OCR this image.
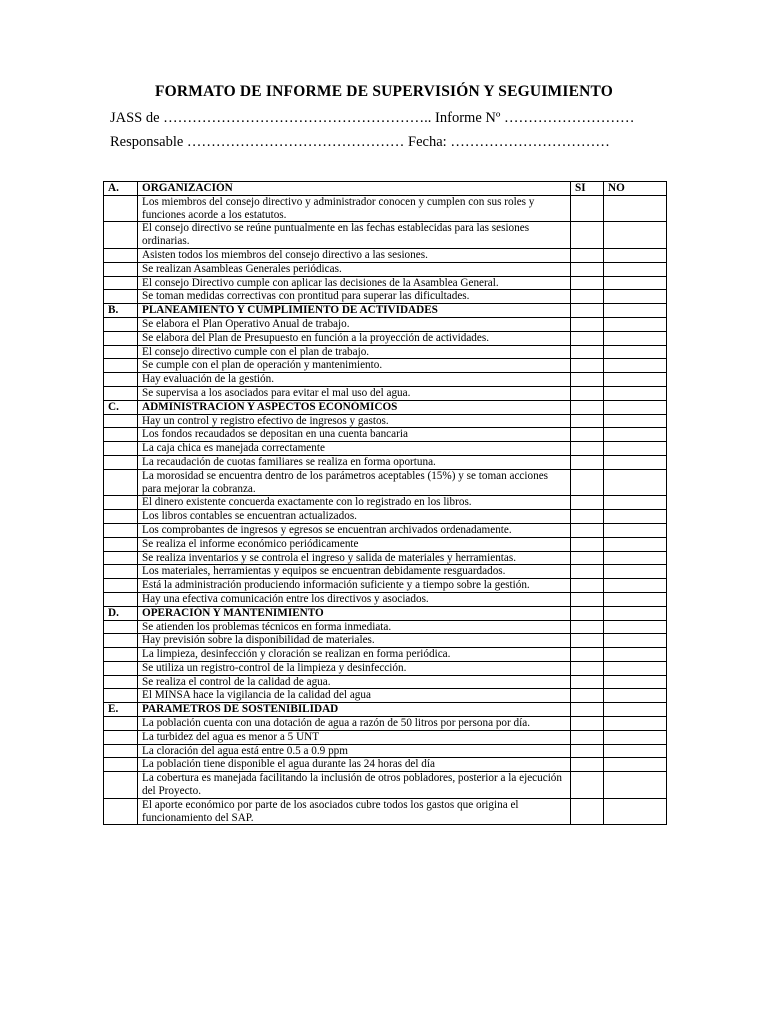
FORMATO DE INFORME DE SUPERVISIÓN Y SEGUIMIENTO
JASS de ……………………………………………….. Informe Nº ………………………
Responsable ……………………………………… Fecha: ……………………………
A.	ORGANIZACIÓN	SI	NO
	Los miembros del consejo directivo y administrador conocen y cumplen con sus roles y funciones acorde a los estatutos.		
	El consejo directivo se reúne puntualmente en las fechas establecidas para las sesiones ordinarias.		
	Asisten todos los miembros del consejo directivo a las sesiones.		
	Se realizan Asambleas Generales periódicas.		
	El consejo Directivo cumple con aplicar las decisiones de la Asamblea General.		
	Se toman medidas correctivas con prontitud para superar las dificultades.		
B.	PLANEAMIENTO Y CUMPLIMIENTO DE ACTIVIDADES		
	Se elabora el Plan Operativo Anual de trabajo.		
	Se elabora del Plan de Presupuesto en función a la proyección de actividades.		
	El consejo directivo cumple con el plan de trabajo.		
	Se cumple con el plan de operación y mantenimiento.		
	Hay evaluación de la gestión.		
	Se supervisa a los asociados para evitar el mal uso del agua.		
C.	ADMINISTRACIÓN Y ASPECTOS ECONÓMICOS		
	Hay un control y registro efectivo de ingresos y gastos.		
	Los fondos recaudados se depositan en una cuenta bancaria		
	La caja chica es manejada correctamente		
	La recaudación de cuotas familiares se realiza en forma oportuna.		
	La morosidad se encuentra dentro de los parámetros aceptables (15%) y se toman acciones para mejorar la cobranza.		
	El dinero existente concuerda exactamente con lo registrado en los libros.		
	Los libros contables se encuentran actualizados.		
	Los comprobantes de ingresos y egresos se encuentran archivados ordenadamente.		
	Se realiza el informe económico periódicamente		
	Se realiza inventarios y se controla el ingreso y salida de materiales y herramientas.		
	Los materiales, herramientas y equipos se encuentran debidamente resguardados.		
	Está la administración produciendo información suficiente y a tiempo sobre la gestión.		
	Hay una efectiva comunicación entre los directivos y asociados.		
D.	OPERACIÓN Y MANTENIMIENTO		
	Se atienden los problemas técnicos en forma inmediata.		
	Hay previsión sobre la disponibilidad de materiales.		
	La limpieza, desinfección y cloración se realizan en forma periódica.		
	Se utiliza un registro-control de la limpieza y desinfección.		
	Se realiza el control de la calidad de agua.		
	El MINSA hace la vigilancia de la calidad del agua		
E.	PARAMETROS DE SOSTENIBILIDAD		
	La población cuenta con una dotación de agua a razón de 50 litros por persona por día.		
	La turbidez del agua es menor a 5 UNT		
	La cloración del agua está entre 0.5 a 0.9 ppm		
	La población tiene disponible el agua durante las 24 horas del día		
	La cobertura es manejada facilitando la inclusión de otros pobladores, posterior a la ejecución del Proyecto.		
	El aporte económico por parte de los asociados cubre todos los gastos que origina el funcionamiento del SAP.		
